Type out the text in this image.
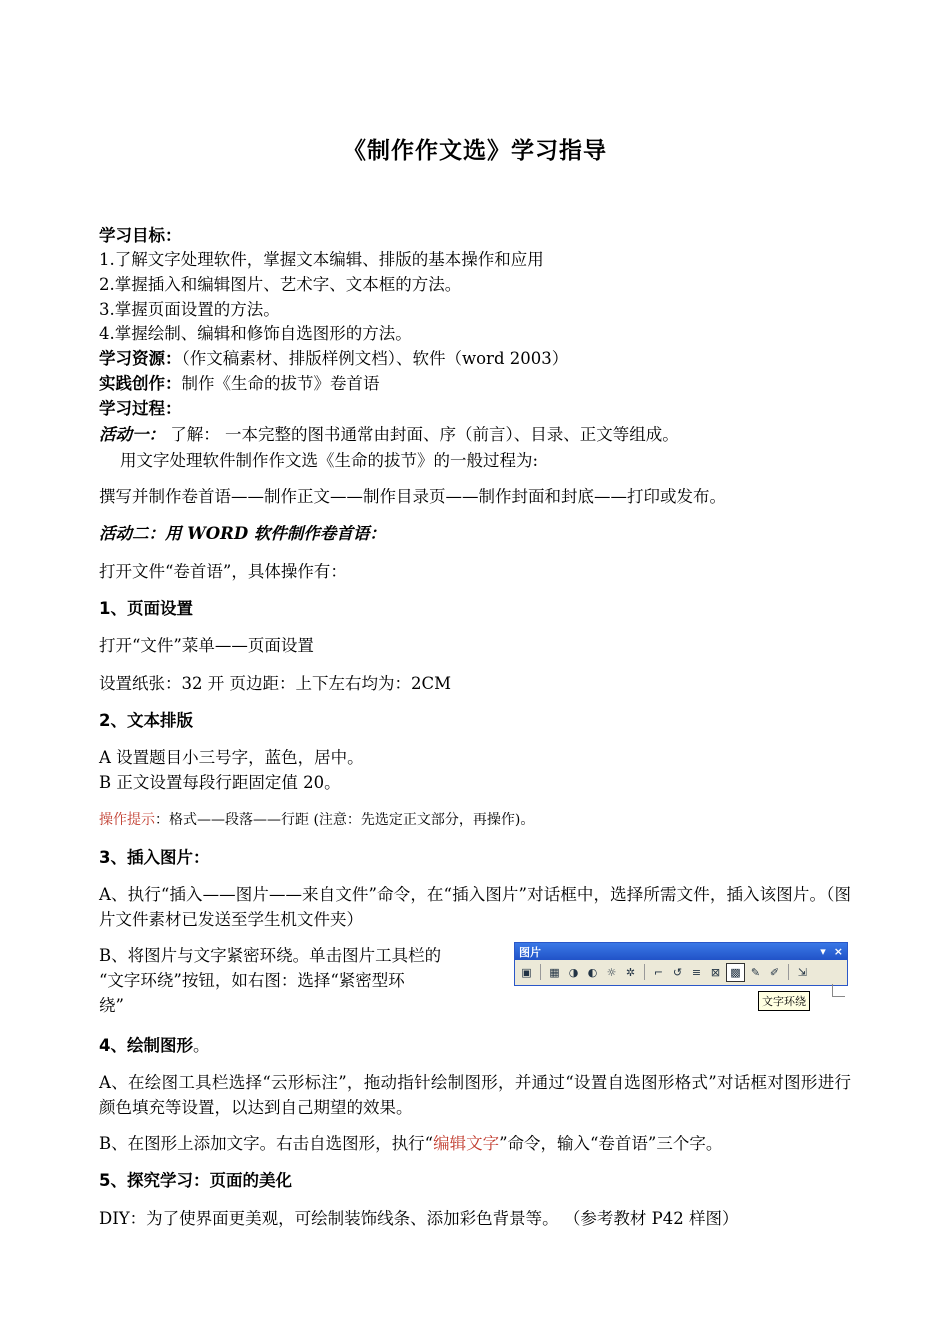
《制作作文选》学习指导
学习目标：
1.了解文字处理软件，掌握文本编辑、排版的基本操作和应用
2.掌握插入和编辑图片、艺术字、文本框的方法。
3.掌握页面设置的方法。
4.掌握绘制、编辑和修饰自选图形的方法。
学习资源：（作文稿素材、排版样例文档）、软件（word 2003）
实践创作：制作《生命的拔节》卷首语
学习过程：
活动一： 了解： 一本完整的图书通常由封面、序（前言）、目录、正文等组成。
用文字处理软件制作作文选《生命的拔节》的一般过程为:
撰写并制作卷首语——制作正文——制作目录页——制作封面和封底——打印或发布。
活动二：用 WORD 软件制作卷首语：
打开文件“卷首语”，具体操作有：
1、页面设置
打开“文件”菜单——页面设置
设置纸张：32 开 页边距：上下左右均为：2CM
2、文本排版
A 设置题目小三号字，蓝色，居中。
B 正文设置每段行距固定值 20。
操作提示：格式——段落——行距 (注意：先选定正文部分，再操作)。
3、插入图片：
A、执行“插入——图片——来自文件”命令，在“插入图片”对话框中，选择所需文件，插入该图片。（图片文件素材已发送至学生机文件夹）
B、将图片与文字紧密环绕。单击图片工具栏的
“文字环绕”按钮，如右图：选择“紧密型环
绕”
图片	▾ ×
▣ ▦ ◑ ◐ ☼ ✲	⌐ ↺ ≡ ⊠ ▩ ✎ ✐	⇲
文字环绕
4、绘制图形。
A、在绘图工具栏选择“云形标注”，拖动指针绘制图形，并通过“设置自选图形格式”对话框对图形进行颜色填充等设置，以达到自己期望的效果。
B、在图形上添加文字。右击自选图形，执行“编辑文字”命令，输入“卷首语”三个字。
5、探究学习：页面的美化
DIY：为了使界面更美观，可绘制装饰线条、添加彩色背景等。 （参考教材 P42 样图）
